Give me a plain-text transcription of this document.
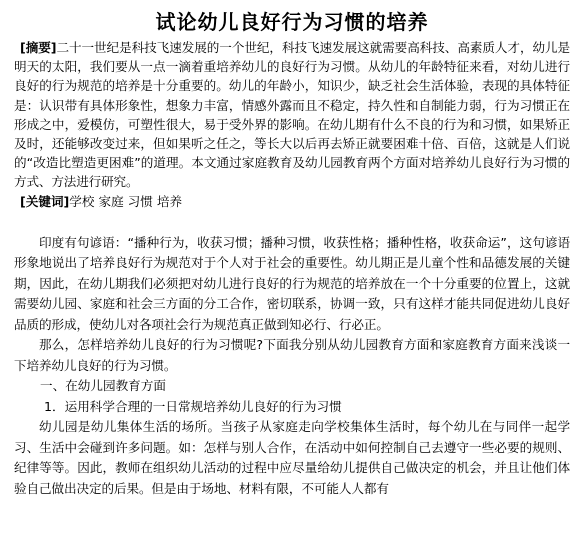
试论幼儿良好行为习惯的培养
[摘要]二十一世纪是科技飞速发展的一个世纪，科技飞速发展这就需要高科技、高素质人才，幼儿是明天的太阳，我们要从一点一滴着重培养幼儿的良好行为习惯。从幼儿的年龄特征来看，对幼儿进行良好的行为规范的培养是十分重要的。幼儿的年龄小，知识少，缺乏社会生活体验，表现的具体特征是：认识带有具体形象性，想象力丰富，情感外露而且不稳定，持久性和自制能力弱，行为习惯正在形成之中，爱模仿，可塑性很大，易于受外界的影响。在幼儿期有什么不良的行为和习惯，如果矫正及时，还能够改变过来，但如果听之任之，等长大以后再去矫正就要困难十倍、百倍，这就是人们说的“改造比塑造更困难”的道理。本文通过家庭教育及幼儿园教育两个方面对培养幼儿良好行为习惯的方式、方法进行研究。
[关键词]学校 家庭 习惯 培养

印度有句谚语：“播种行为，收获习惯；播种习惯，收获性格；播种性格，收获命运”，这句谚语形象地说出了培养良好行为规范对于个人对于社会的重要性。幼儿期正是儿童个性和品德发展的关键期，因此，在幼儿期我们必须把对幼儿进行良好的行为规范的培养放在一个十分重要的位置上，这就需要幼儿园、家庭和社会三方面的分工合作，密切联系，协调一致，只有这样才能共同促进幼儿良好品质的形成，使幼儿对各项社会行为规范真正做到知必行、行必正。

那么，怎样培养幼儿良好的行为习惯呢?下面我分别从幼儿园教育方面和家庭教育方面来浅谈一下培养幼儿良好的行为习惯。

一、在幼儿园教育方面

1．运用科学合理的一日常规培养幼儿良好的行为习惯

幼儿园是幼儿集体生活的场所。当孩子从家庭走向学校集体生活时，每个幼儿在与同伴一起学习、生活中会碰到许多问题。如：怎样与别人合作，在活动中如何控制自己去遵守一些必要的规则、纪律等等。因此，教师在组织幼儿活动的过程中应尽量给幼儿提供自己做决定的机会，并且让他们体验自己做出决定的后果。但是由于场地、材料有限，不可能人人都有
